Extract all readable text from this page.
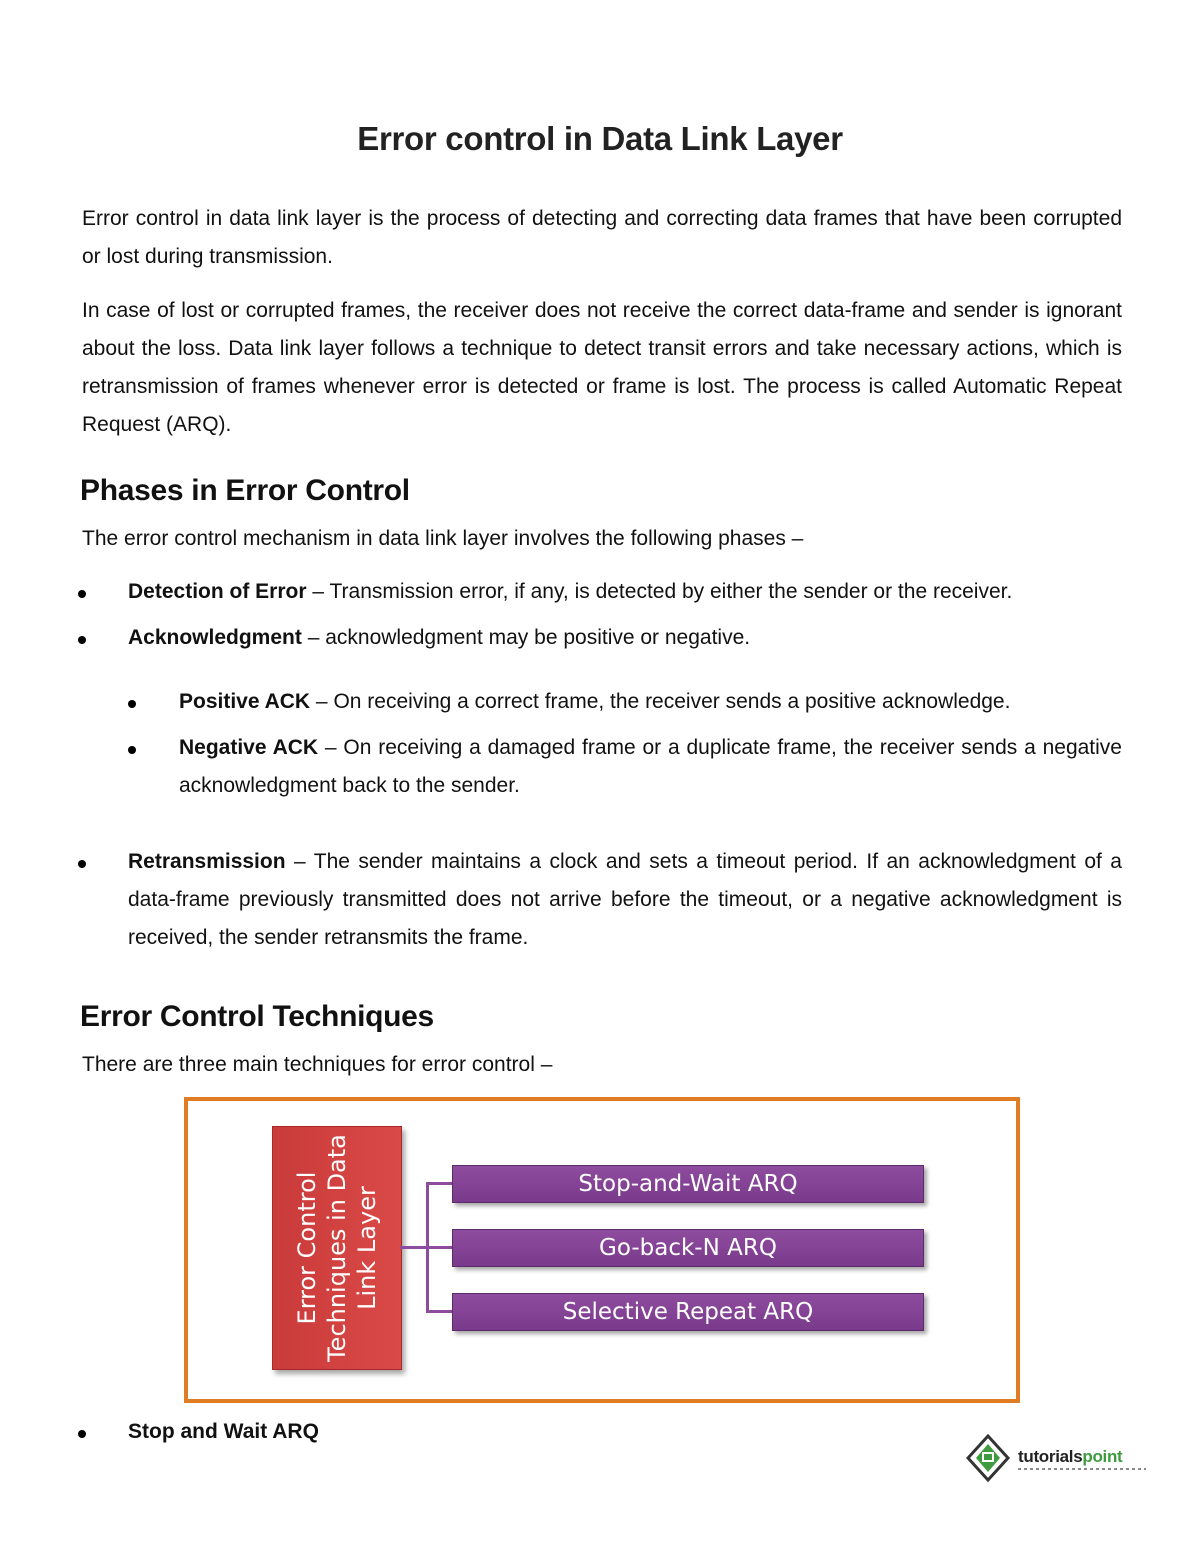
Error control in Data Link Layer

Error control in data link layer is the process of detecting and correcting data frames that have been corrupted or lost during transmission.

In case of lost or corrupted frames, the receiver does not receive the correct data-frame and sender is ignorant about the loss. Data link layer follows a technique to detect transit errors and take necessary actions, which is retransmission of frames whenever error is detected or frame is lost. The process is called Automatic Repeat Request (ARQ).

Phases in Error Control

The error control mechanism in data link layer involves the following phases –

Detection of Error – Transmission error, if any, is detected by either the sender or the receiver.

Acknowledgment – acknowledgment may be positive or negative.

Positive ACK – On receiving a correct frame, the receiver sends a positive acknowledge.

Negative ACK – On receiving a damaged frame or a duplicate frame, the receiver sends a negative acknowledgment back to the sender.

Retransmission – The sender maintains a clock and sets a timeout period. If an acknowledgment of a data-frame previously transmitted does not arrive before the timeout, or a negative acknowledgment is received, the sender retransmits the frame.

Error Control Techniques

There are three main techniques for error control –

Error Control Techniques in Data Link Layer
Stop-and-Wait ARQ
Go-back-N ARQ
Selective Repeat ARQ

Stop and Wait ARQ

tutorialspoint
